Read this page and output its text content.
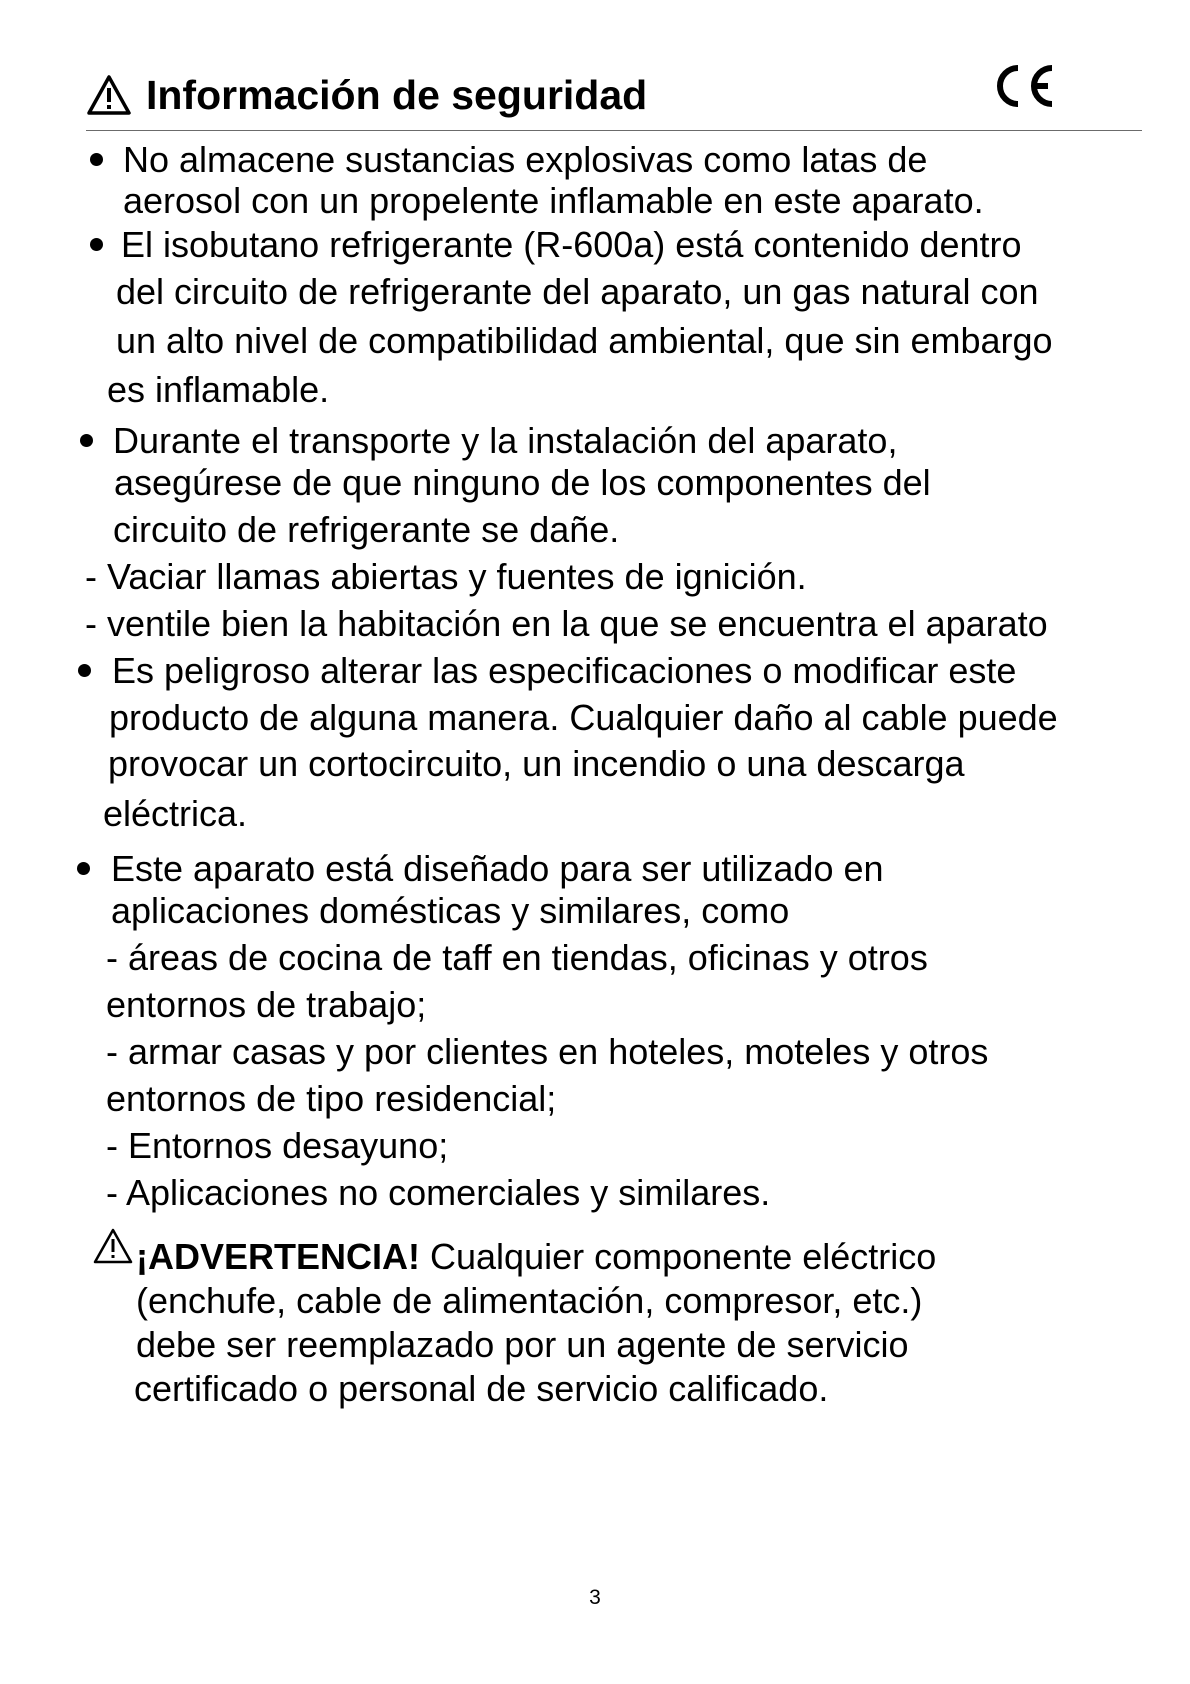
Información de seguridad
No almacene sustancias explosivas como latas de
aerosol con un propelente inflamable en este aparato.
El isobutano refrigerante (R-600a) está contenido dentro
del circuito de refrigerante del aparato, un gas natural con
un alto nivel de compatibilidad ambiental, que sin embargo
es inflamable.
Durante el transporte y la instalación del aparato,
asegúrese de que ninguno de los componentes del
circuito de refrigerante se dañe.
- Vaciar llamas abiertas y fuentes de ignición.
- ventile bien la habitación en la que se encuentra el aparato
Es peligroso alterar las especificaciones o modificar este
producto de alguna manera. Cualquier daño al cable puede
provocar un cortocircuito, un incendio o una descarga
eléctrica.
Este aparato está diseñado para ser utilizado en
aplicaciones domésticas y similares, como
- áreas de cocina de taff en tiendas, oficinas y otros
entornos de trabajo;
- armar casas y por clientes en hoteles, moteles y otros
entornos de tipo residencial;
- Entornos desayuno;
- Aplicaciones no comerciales y similares.
¡ADVERTENCIA! Cualquier componente eléctrico
(enchufe, cable de alimentación, compresor, etc.)
debe ser reemplazado por un agente de servicio
certificado o personal de servicio calificado.
3
